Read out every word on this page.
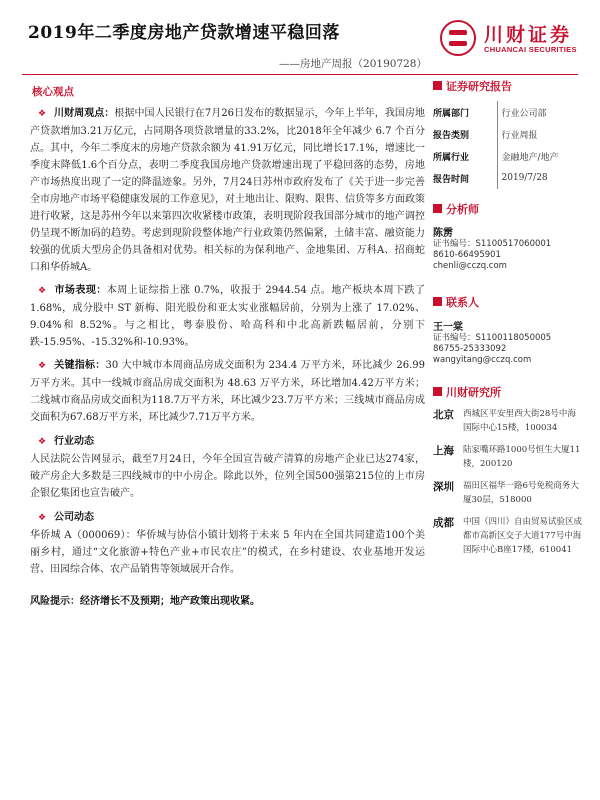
2019年二季度房地产贷款增速平稳回落
——房地产周报（20190728）
川财证券
CHUANCAI SECURITIES
核心观点
❖ 川财周观点：根据中国人民银行在7月26日发布的数据显示，今年上半年，我国房地产贷款增加3.21万亿元，占同期各项贷款增量的33.2%，比2018年全年减少 6.7 个百分点。其中，今年二季度末的房地产贷款余额为 41.91万亿元，同比增长17.1%，增速比一季度末降低1.6个百分点，表明二季度我国房地产贷款增速出现了平稳回落的态势，房地产市场热度出现了一定的降温迹象。另外，7月24日苏州市政府发布了《关于进一步完善全市房地产市场平稳健康发展的工作意见》，对土地出让、限购、限售、信贷等多方面政策进行收紧，这是苏州今年以来第四次收紧楼市政策，表明现阶段我国部分城市的地产调控仍呈现不断加码的趋势。考虑到现阶段整体地产行业政策仍然偏紧，土储丰富、融资能力较强的优质大型房企仍具备相对优势。相关标的为保利地产、金地集团、万科A、招商蛇口和华侨城A。
❖ 市场表现：本周上证综指上涨 0.7%，收报于 2944.54 点。地产板块本周下跌了 1.68%，成分股中 ST 新梅、阳光股份和亚太实业涨幅居前，分别为上涨了 17.02%、9.04%和 8.52%。与之相比，粤泰股份、哈高科和中北高新跌幅居前，分别下跌-15.95%、-15.32%和-10.93%。
❖ 关键指标：30 大中城市本周商品房成交面积为 234.4 万平方米，环比减少 26.99 万平方米。其中一线城市商品房成交面积为 48.63 万平方米，环比增加4.42万平方米；二线城市商品房成交面积为118.7万平方米，环比减少23.7万平方米；三线城市商品房成交面积为67.68万平方米，环比减少7.71万平方米。
❖ 行业动态
人民法院公告网显示，截至7月24日，今年全国宣告破产清算的房地产企业已达274家，破产房企大多数是三四线城市的中小房企。除此以外，位列全国500强第215位的上市房企银亿集团也宣告破产。
❖ 公司动态
华侨城 A（000069）：华侨城与协信小镇计划将于未来 5 年内在全国共同建造100个美丽乡村，通过“文化旅游+特色产业+市民农庄”的模式，在乡村建设、农业基地开发运营、田园综合体、农产品销售等领域展开合作。
风险提示：经济增长不及预期；地产政策出现收紧。
证券研究报告
所属部门	行业公司部
报告类别	行业周报
所属行业	金融地产/地产
报告时间	2019/7/28
分析师
陈雳
证书编号：S1100517060001
8610-66495901
chenli@cczq.com
联系人
王一棠
证书编号：S1100118050005
86755-25333092
wangyitang@cczq.com
川财研究所
北京	西城区平安里西大街28号中海国际中心15楼，100034
上海	陆家嘴环路1000号恒生大厦11楼，200120
深圳	福田区福华一路6号免税商务大厦30层，518000
成都	中国（四川）自由贸易试验区成都市高新区交子大道177号中海国际中心B座17楼，610041
